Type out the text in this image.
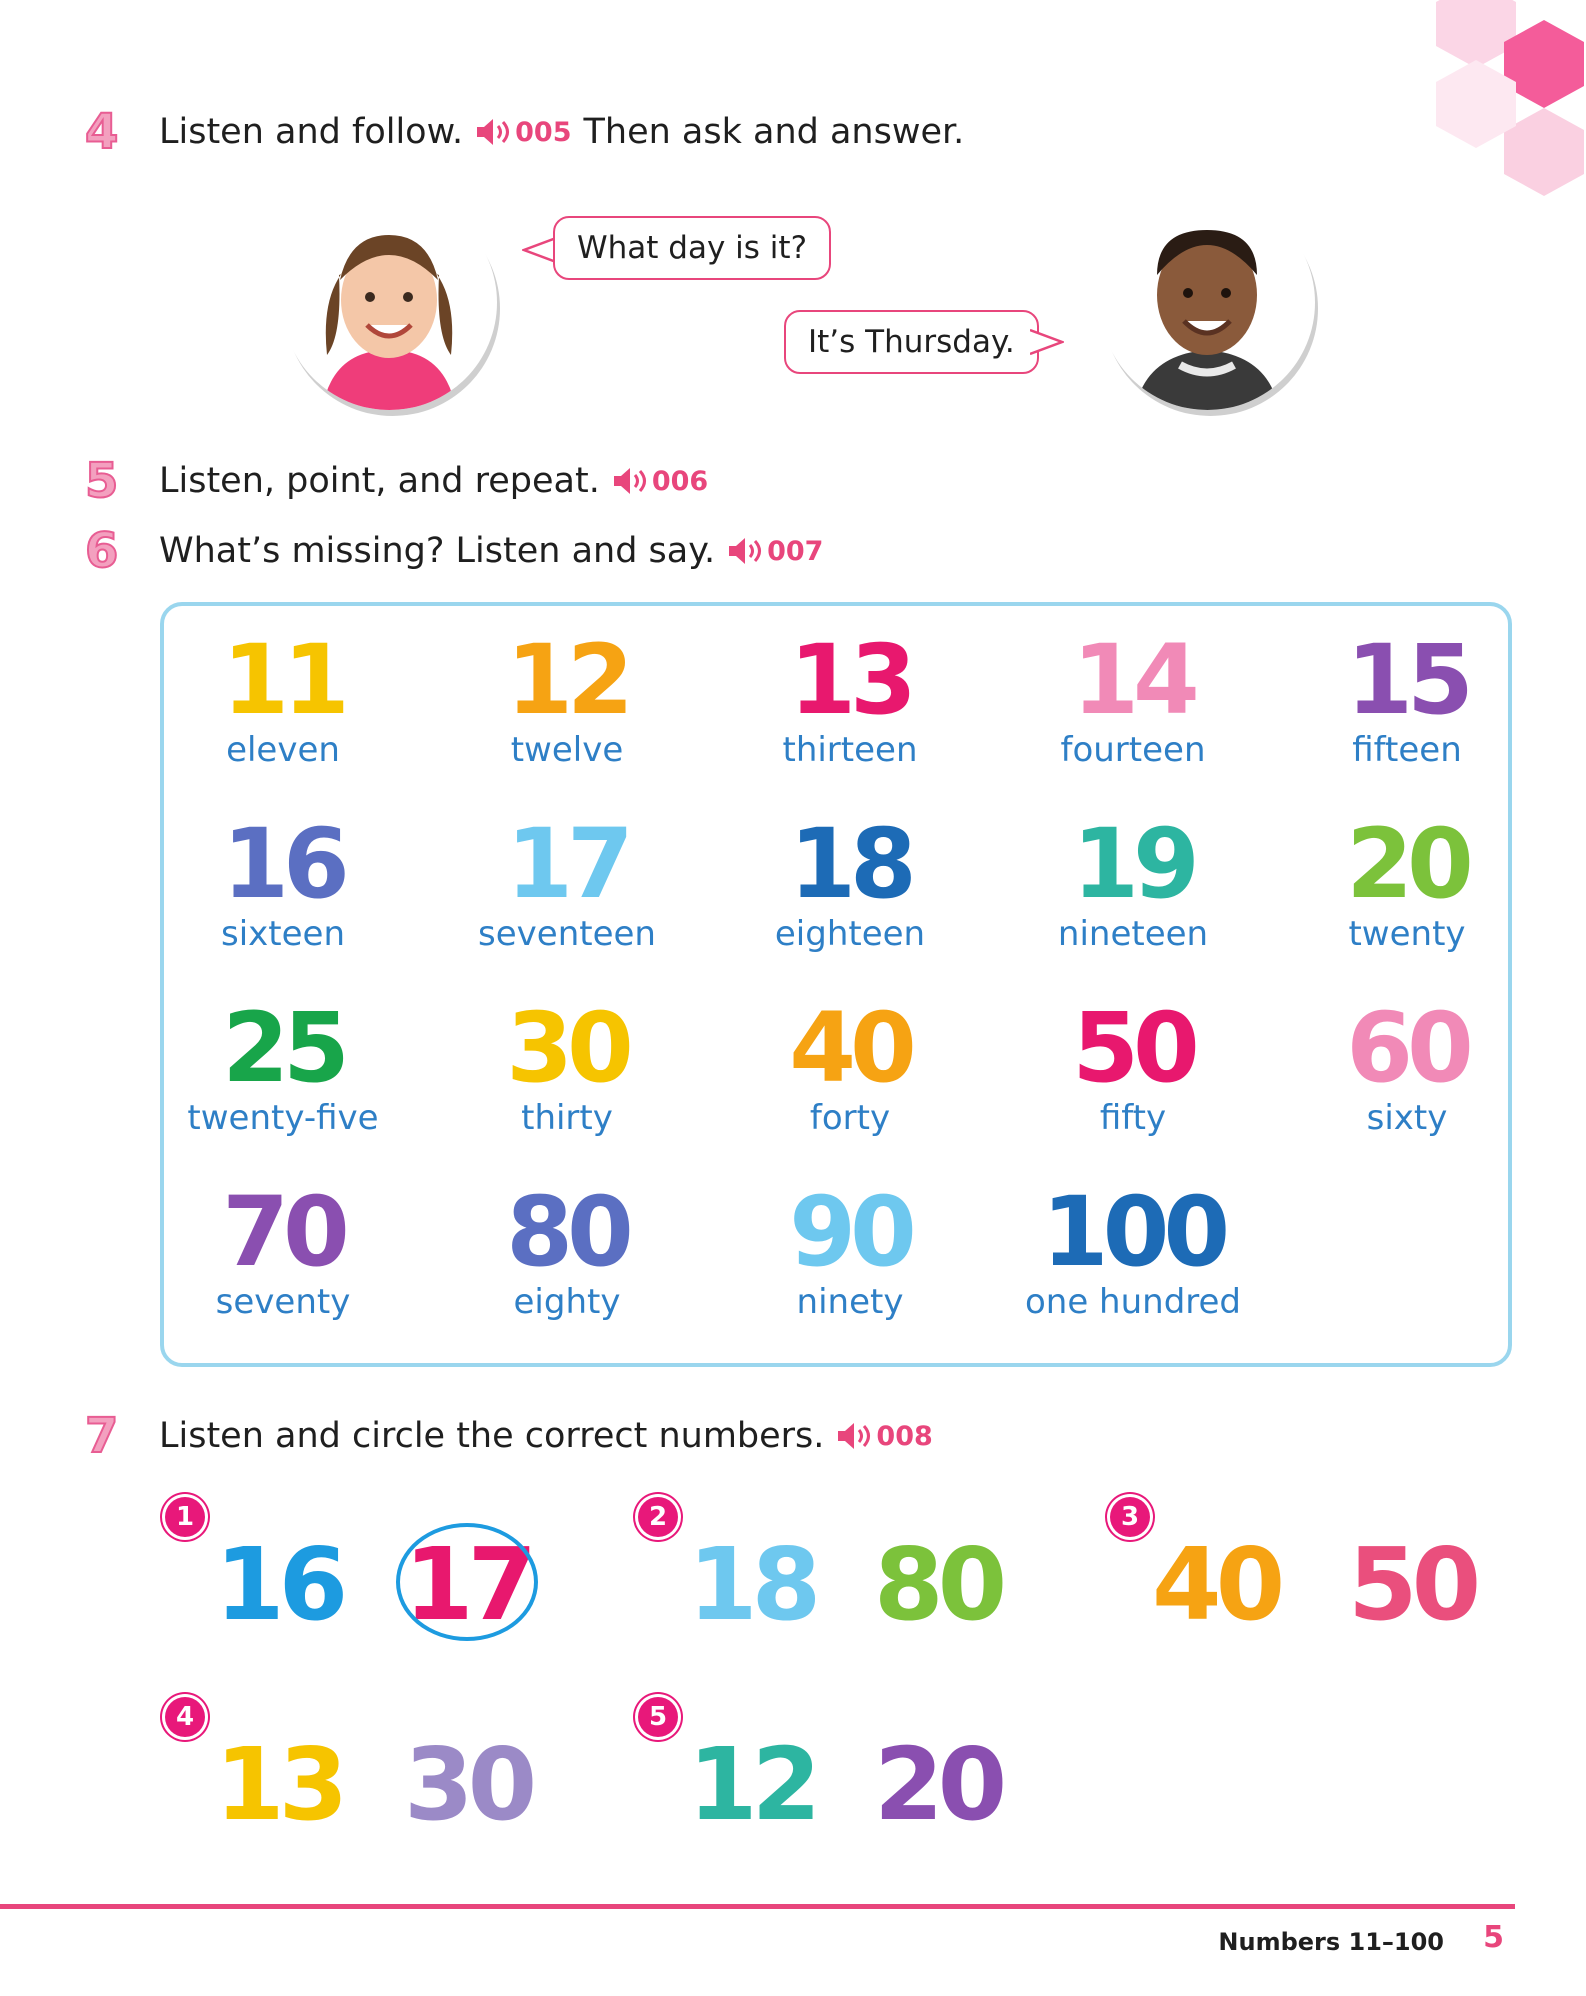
4	Listen and follow. 005 Then ask and answer.
What day is it?
It’s Thursday.
5	Listen, point, and repeat. 006
6	What’s missing? Listen and say. 007
11
eleven
12
twelve
13
thirteen
14
fourteen
15
fifteen
16
sixteen
17
seventeen
18
eighteen
19
nineteen
20
twenty
25
twenty-five
30
thirty
40
forty
50
fifty
60
sixty
70
seventy
80
eighty
90
ninety
100
one hundred
7	Listen and circle the correct numbers. 008
1
16 17
2
18 80
3
40 50
4
13 30
5
12 20
Numbers 11–100 5
